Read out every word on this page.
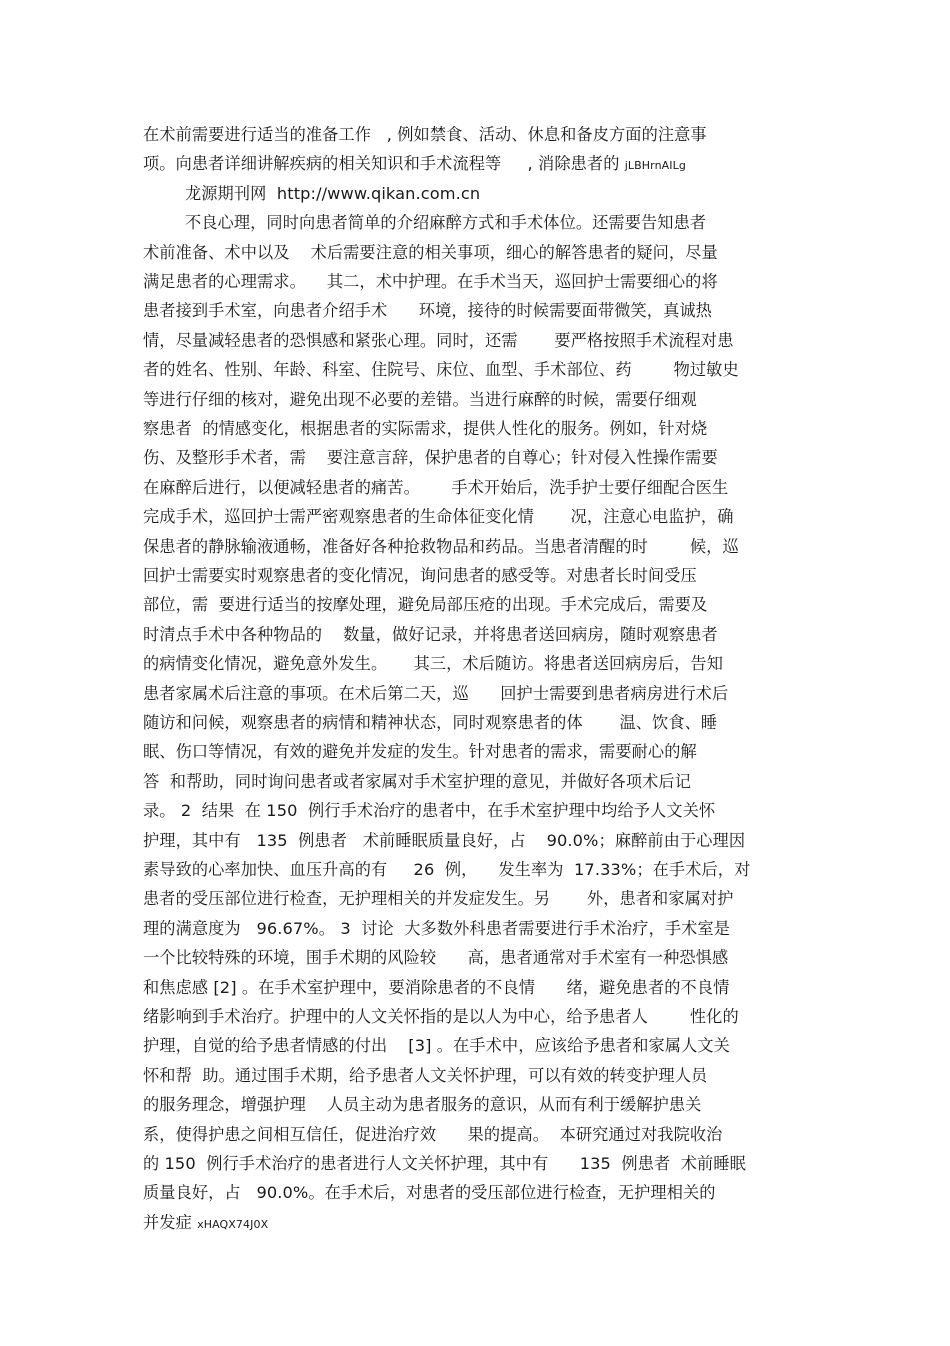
在术前需要进行适当的准备工作   , 例如禁食、活动、休息和备皮方面的注意事
项。向患者详细讲解疾病的相关知识和手术流程等     , 消除患者的 jLBHrnAILg
龙源期刊网  http://www.qikan.com.cn
不良心理，同时向患者简单的介绍麻醉方式和手术体位。还需要告知患者
术前准备、术中以及    术后需要注意的相关事项，细心的解答患者的疑问，尽量
满足患者的心理需求。    其二，术中护理。在手术当天，巡回护士需要细心的将
患者接到手术室，向患者介绍手术      环境，接待的时候需要面带微笑，真诚热
情，尽量减轻患者的恐惧感和紧张心理。同时，还需       要严格按照手术流程对患
者的姓名、性别、年龄、科室、住院号、床位、血型、手术部位、药        物过敏史
等进行仔细的核对，避免出现不必要的差错。当进行麻醉的时候，需要仔细观
察患者  的情感变化，根据患者的实际需求，提供人性化的服务。例如，针对烧
伤、及整形手术者，需    要注意言辞，保护患者的自尊心；针对侵入性操作需要
在麻醉后进行，以便减轻患者的痛苦。      手术开始后，洗手护士要仔细配合医生
完成手术，巡回护士需严密观察患者的生命体征变化情       况，注意心电监护，确
保患者的静脉输液通畅，准备好各种抢救物品和药品。当患者清醒的时        候，巡
回护士需要实时观察患者的变化情况，询问患者的感受等。对患者长时间受压
部位，需  要进行适当的按摩处理，避免局部压疮的出现。手术完成后，需要及
时清点手术中各种物品的    数量，做好记录，并将患者送回病房，随时观察患者
的病情变化情况，避免意外发生。     其三，术后随访。将患者送回病房后，告知
患者家属术后注意的事项。在术后第二天，巡      回护士需要到患者病房进行术后
随访和问候，观察患者的病情和精神状态，同时观察患者的体       温、饮食、睡
眠、伤口等情况，有效的避免并发症的发生。针对患者的需求，需要耐心的解
答  和帮助，同时询问患者或者家属对手术室护理的意见，并做好各项术后记
录。 2  结果  在 150  例行手术治疗的患者中，在手术室护理中均给予人文关怀
护理，其中有   135  例患者   术前睡眠质量良好，占    90.0%；麻醉前由于心理因
素导致的心率加快、血压升高的有     26  例，    发生率为  17.33%；在手术后，对
患者的受压部位进行检查，无护理相关的并发症发生。另       外，患者和家属对护
理的满意度为   96.67%。 3  讨论  大多数外科患者需要进行手术治疗，手术室是
一个比较特殊的环境，围手术期的风险较      高，患者通常对手术室有一种恐惧感
和焦虑感 [2] 。在手术室护理中，要消除患者的不良情      绪，避免患者的不良情
绪影响到手术治疗。护理中的人文关怀指的是以人为中心，给予患者人        性化的
护理，自觉的给予患者情感的付出    [3] 。在手术中，应该给予患者和家属人文关
怀和帮  助。通过围手术期，给予患者人文关怀护理，可以有效的转变护理人员
的服务理念，增强护理    人员主动为患者服务的意识，从而有利于缓解护患关
系，使得护患之间相互信任，促进治疗效      果的提高。  本研究通过对我院收治
的 150  例行手术治疗的患者进行人文关怀护理，其中有      135  例患者  术前睡眠
质量良好，占   90.0%。在手术后，对患者的受压部位进行检查，无护理相关的
并发症 xHAQX74J0X
